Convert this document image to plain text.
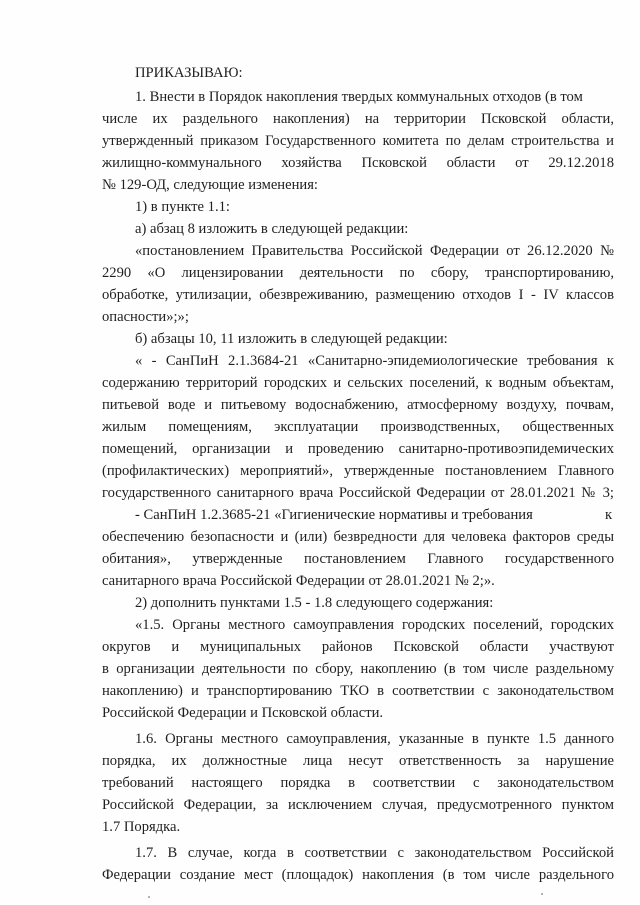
ПРИКАЗЫВАЮ:
1. Внести в Порядок накопления твердых коммунальных отходов (в том
числе их раздельного накопления) на территории Псковской области,
утвержденный приказом Государственного комитета по делам строительства и
жилищно-коммунального хозяйства Псковской области от 29.12.2018
№ 129-ОД, следующие изменения:
1) в пункте 1.1:
а) абзац 8 изложить в следующей редакции:
«постановлением Правительства Российской Федерации от 26.12.2020 №
2290 «О лицензировании деятельности по сбору, транспортированию,
обработке, утилизации, обезвреживанию, размещению отходов I - IV классов
опасности»;»;
б) абзацы 10, 11 изложить в следующей редакции:
« - СанПиН 2.1.3684-21 «Санитарно-эпидемиологические требования к
содержанию территорий городских и сельских поселений, к водным объектам,
питьевой воде и питьевому водоснабжению, атмосферному воздуху, почвам,
жилым помещениям, эксплуатации производственных, общественных
помещений, организации и проведению санитарно-противоэпидемических
(профилактических) мероприятий», утвержденные постановлением Главного
государственного санитарного врача Российской Федерации от 28.01.2021 № 3;
- СанПиН 1.2.3685-21 «Гигиенические нормативы и требования	к
обеспечению безопасности и (или) безвредности для человека факторов среды
обитания», утвержденные постановлением Главного государственного
санитарного врача Российской Федерации от 28.01.2021 № 2;».
2) дополнить пунктами 1.5 - 1.8 следующего содержания:
«1.5. Органы местного самоуправления городских поселений, городских
округов и муниципальных районов Псковской области участвуют
в организации деятельности по сбору, накоплению (в том числе раздельному
накоплению) и транспортированию ТКО в соответствии с законодательством
Российской Федерации и Псковской области.
1.6. Органы местного самоуправления, указанные в пункте 1.5 данного
порядка, их должностные лица несут ответственность за нарушение
требований настоящего порядка в соответствии с законодательством
Российской Федерации, за исключением случая, предусмотренного пунктом
1.7 Порядка.
1.7. В случае, когда в соответствии с законодательством Российской
Федерации создание мест (площадок) накопления (в том числе раздельного
